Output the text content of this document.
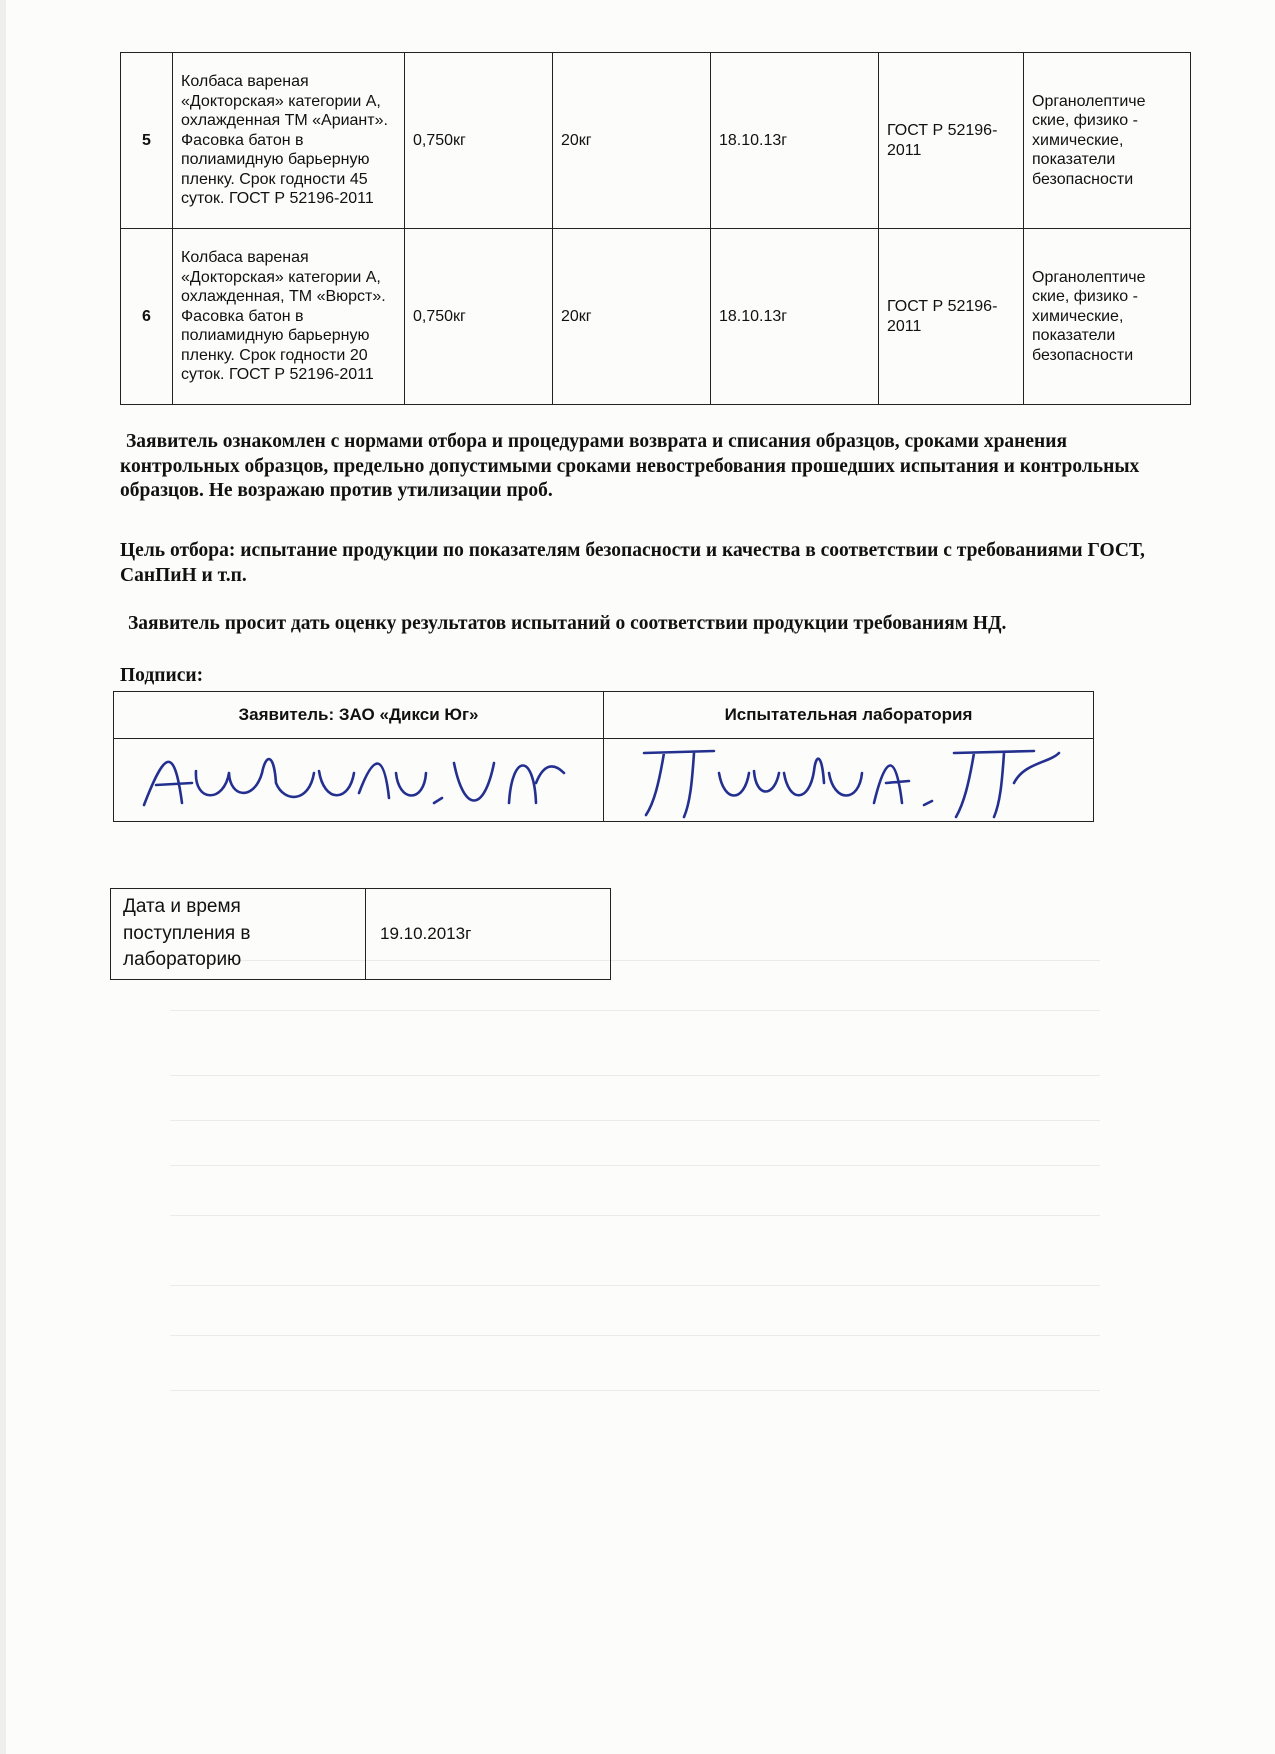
5	Колбаса вареная «Докторская» категории А, охлажденная ТМ «Ариант». Фасовка батон в полиамидную барьерную пленку. Срок годности 45 суток. ГОСТ Р 52196-2011	0,750кг	20кг	18.10.13г	ГОСТ Р 52196-2011	Органолептиче ские, физико - химические, показатели безопасности
6	Колбаса вареная «Докторская» категории А, охлажденная, ТМ «Вюрст». Фасовка батон в полиамидную барьерную пленку. Срок годности 20 суток. ГОСТ Р 52196-2011	0,750кг	20кг	18.10.13г	ГОСТ Р 52196-2011	Органолептиче ские, физико - химические, показатели безопасности
Заявитель ознакомлен с нормами отбора и процедурами возврата и списания образцов, сроками хранения контрольных образцов, предельно допустимыми сроками невостребования прошедших испытания и контрольных образцов. Не возражаю против утилизации проб.
Цель отбора: испытание продукции по показателям безопасности и качества в соответствии с требованиями ГОСТ, СанПиН и т.п.
Заявитель просит дать оценку результатов испытаний о соответствии продукции требованиям НД.
Подписи:
Заявитель: ЗАО «Дикси Юг»	Испытательная лаборатория

Дата и время поступления в лабораторию	19.10.2013г
